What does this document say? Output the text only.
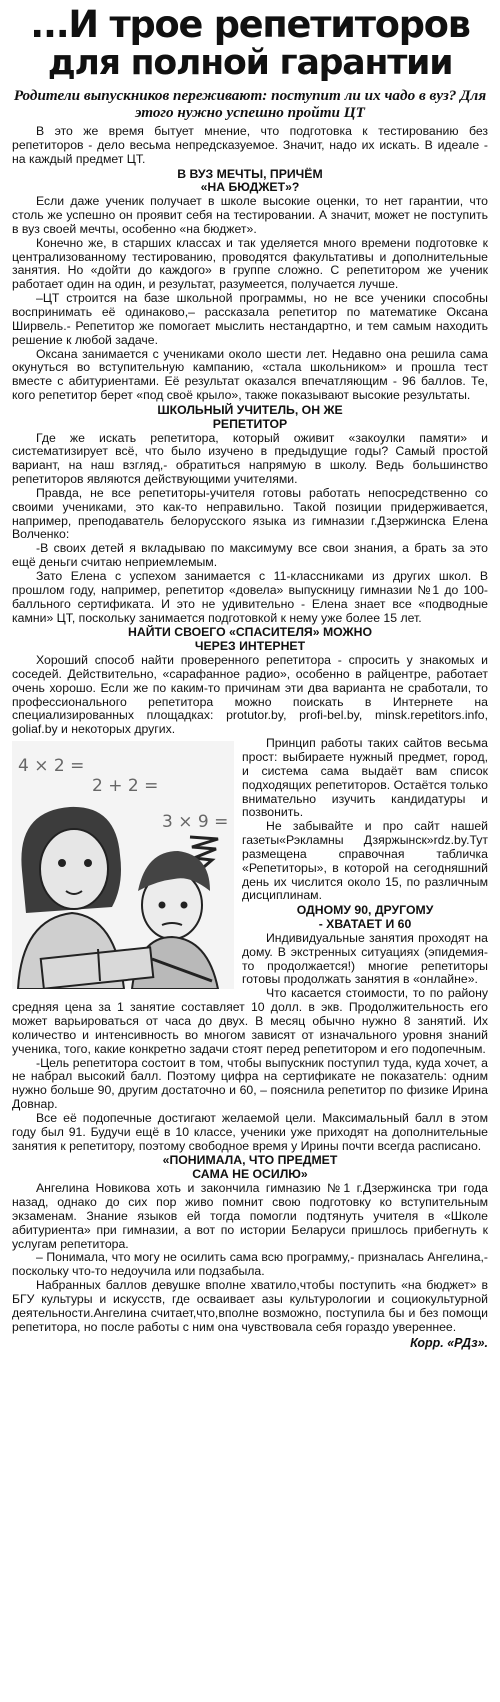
...И трое репетиторов
для полной гарантии
Родители выпускников переживают: поступит ли их чадо в вуз? Для этого нужно успешно пройти ЦТ
В это же время бытует мнение, что подготовка к тестированию без репетиторов - дело весьма непредсказуемое. Значит, надо их искать. В идеале - на каждый предмет ЦТ.
В ВУЗ МЕЧТЫ, ПРИЧЁМ
«НА БЮДЖЕТ»?

Если даже ученик получает в школе высокие оценки, то нет гарантии, что столь же успешно он проявит себя на тестировании. А значит, может не поступить в вуз своей мечты, особенно «на бюджет».

Конечно же, в старших классах и так уделяется много времени подготовке к централизованному тестированию, проводятся факультативы и дополнительные занятия. Но «дойти до каждого» в группе сложно. С репетитором же ученик работает один на один, и результат, разумеется, получается лучше.

–ЦТ строится на базе школьной программы, но не все ученики способны воспринимать её одинаково,– рассказала репетитор по математике Оксана Ширвель.- Репетитор же помогает мыслить нестандартно, и тем самым находить решение к любой задаче.

Оксана занимается с учениками около шести лет. Недавно она решила сама окунуться во вступительную кампанию, «стала школьником» и прошла тест вместе с абитуриентами. Её результат оказался впечатляющим - 96 баллов. Те, кого репетитор берет «под своё крыло», также показывают высокие результаты.

ШКОЛЬНЫЙ УЧИТЕЛЬ, ОН ЖЕ
РЕПЕТИТОР

Где же искать репетитора, который оживит «закоулки памяти» и систематизирует всё, что было изучено в предыдущие годы? Самый простой вариант, на наш взгляд,- обратиться напрямую в школу. Ведь большинство репетиторов являются действующими учителями.

Правда, не все репетиторы-учителя готовы работать непосредственно со своими учениками, это как-то неправильно. Такой позиции придерживается, например, преподаватель белорусского языка из гимназии г.Дзержинска Елена Волченко:

-В своих детей я вкладываю по максимуму все свои знания, а брать за это ещё деньги считаю неприемлемым.

Зато Елена с успехом занимается с 11-классниками из других школ. В прошлом году, например, репетитор «довела» выпускницу гимназии №1 до 100-балльного сертификата. И это не удивительно - Елена знает все «подводные камни» ЦТ, поскольку занимается подготовкой к нему уже более 15 лет.

НАЙТИ СВОЕГО «СПАСИТЕЛЯ» МОЖНО
ЧЕРЕЗ ИНТЕРНЕТ

Хороший способ найти проверенного репетитора - спросить у знакомых и соседей. Действительно, «сарафанное радио», особенно в райцентре, работает очень хорошо. Если же по каким-то причинам эти два варианта не сработали, то профессионального репетитора можно поискать в Интернете на специализированных площадках: protutor.by, profi-bel.by, minsk.repetitors.info, goliaf.by и некоторых других.

4 × 2 =
2 + 2 =
3 × 9 =

Принцип работы таких сайтов весьма прост: выбираете нужный предмет, город, и система сама выдаёт вам список подходящих репетиторов. Остаётся только внимательно изучить кандидатуры и позвонить.

Не забывайте и про сайт нашей газеты«Рэкламны Дзяржынск»rdz.by.Тут размещена справочная табличка «Репетиторы», в которой на сегодняшний день их числится около 15, по различным дисциплинам.

ОДНОМУ 90, ДРУГОМУ
- ХВАТАЕТ И 60

Индивидуальные занятия проходят на дому. В экстренных ситуациях (эпидемия-то продолжается!) многие репетиторы готовы продолжать занятия в «онлайне».

Что касается стоимости, то по району средняя цена за 1 занятие составляет 10 долл. в экв. Продолжительность его может варьироваться от часа до двух. В месяц обычно нужно 8 занятий. Их количество и интенсивность во многом зависят от изначального уровня знаний ученика, того, какие конкретно задачи стоят перед репетитором и его подопечным.

-Цель репетитора состоит в том, чтобы выпускник поступил туда, куда хочет, а не набрал высокий балл. Поэтому цифра на сертификате не показатель: одним нужно больше 90, другим достаточно и 60, – пояснила репетитор по физике Ирина Довнар.

Все её подопечные достигают желаемой цели. Максимальный балл в этом году был 91. Будучи ещё в 10 классе, ученики уже приходят на дополнительные занятия к репетитору, поэтому свободное время у Ирины почти всегда расписано.

«ПОНИМАЛА, ЧТО ПРЕДМЕТ
САМА НЕ ОСИЛЮ»

Ангелина Новикова хоть и закончила гимназию №1 г.Дзержинска три года назад, однако до сих пор живо помнит свою подготовку ко вступительным экзаменам. Знание языков ей тогда помогли подтянуть учителя в «Школе абитуриента» при гимназии, а вот по истории Беларуси пришлось прибегнуть к услугам репетитора.

– Понимала, что могу не осилить сама всю программу,- призналась Ангелина,- поскольку что-то недоучила или подзабыла.

Набранных баллов девушке вполне хватило,чтобы поступить «на бюджет» в БГУ культуры и искусств, где осваивает азы культурологии и социокультурной деятельности.Ангелина считает,что,вполне возможно, поступила бы и без помощи репетитора, но после работы с ним она чувствовала себя гораздо увереннее.

Корр. «РДз».
